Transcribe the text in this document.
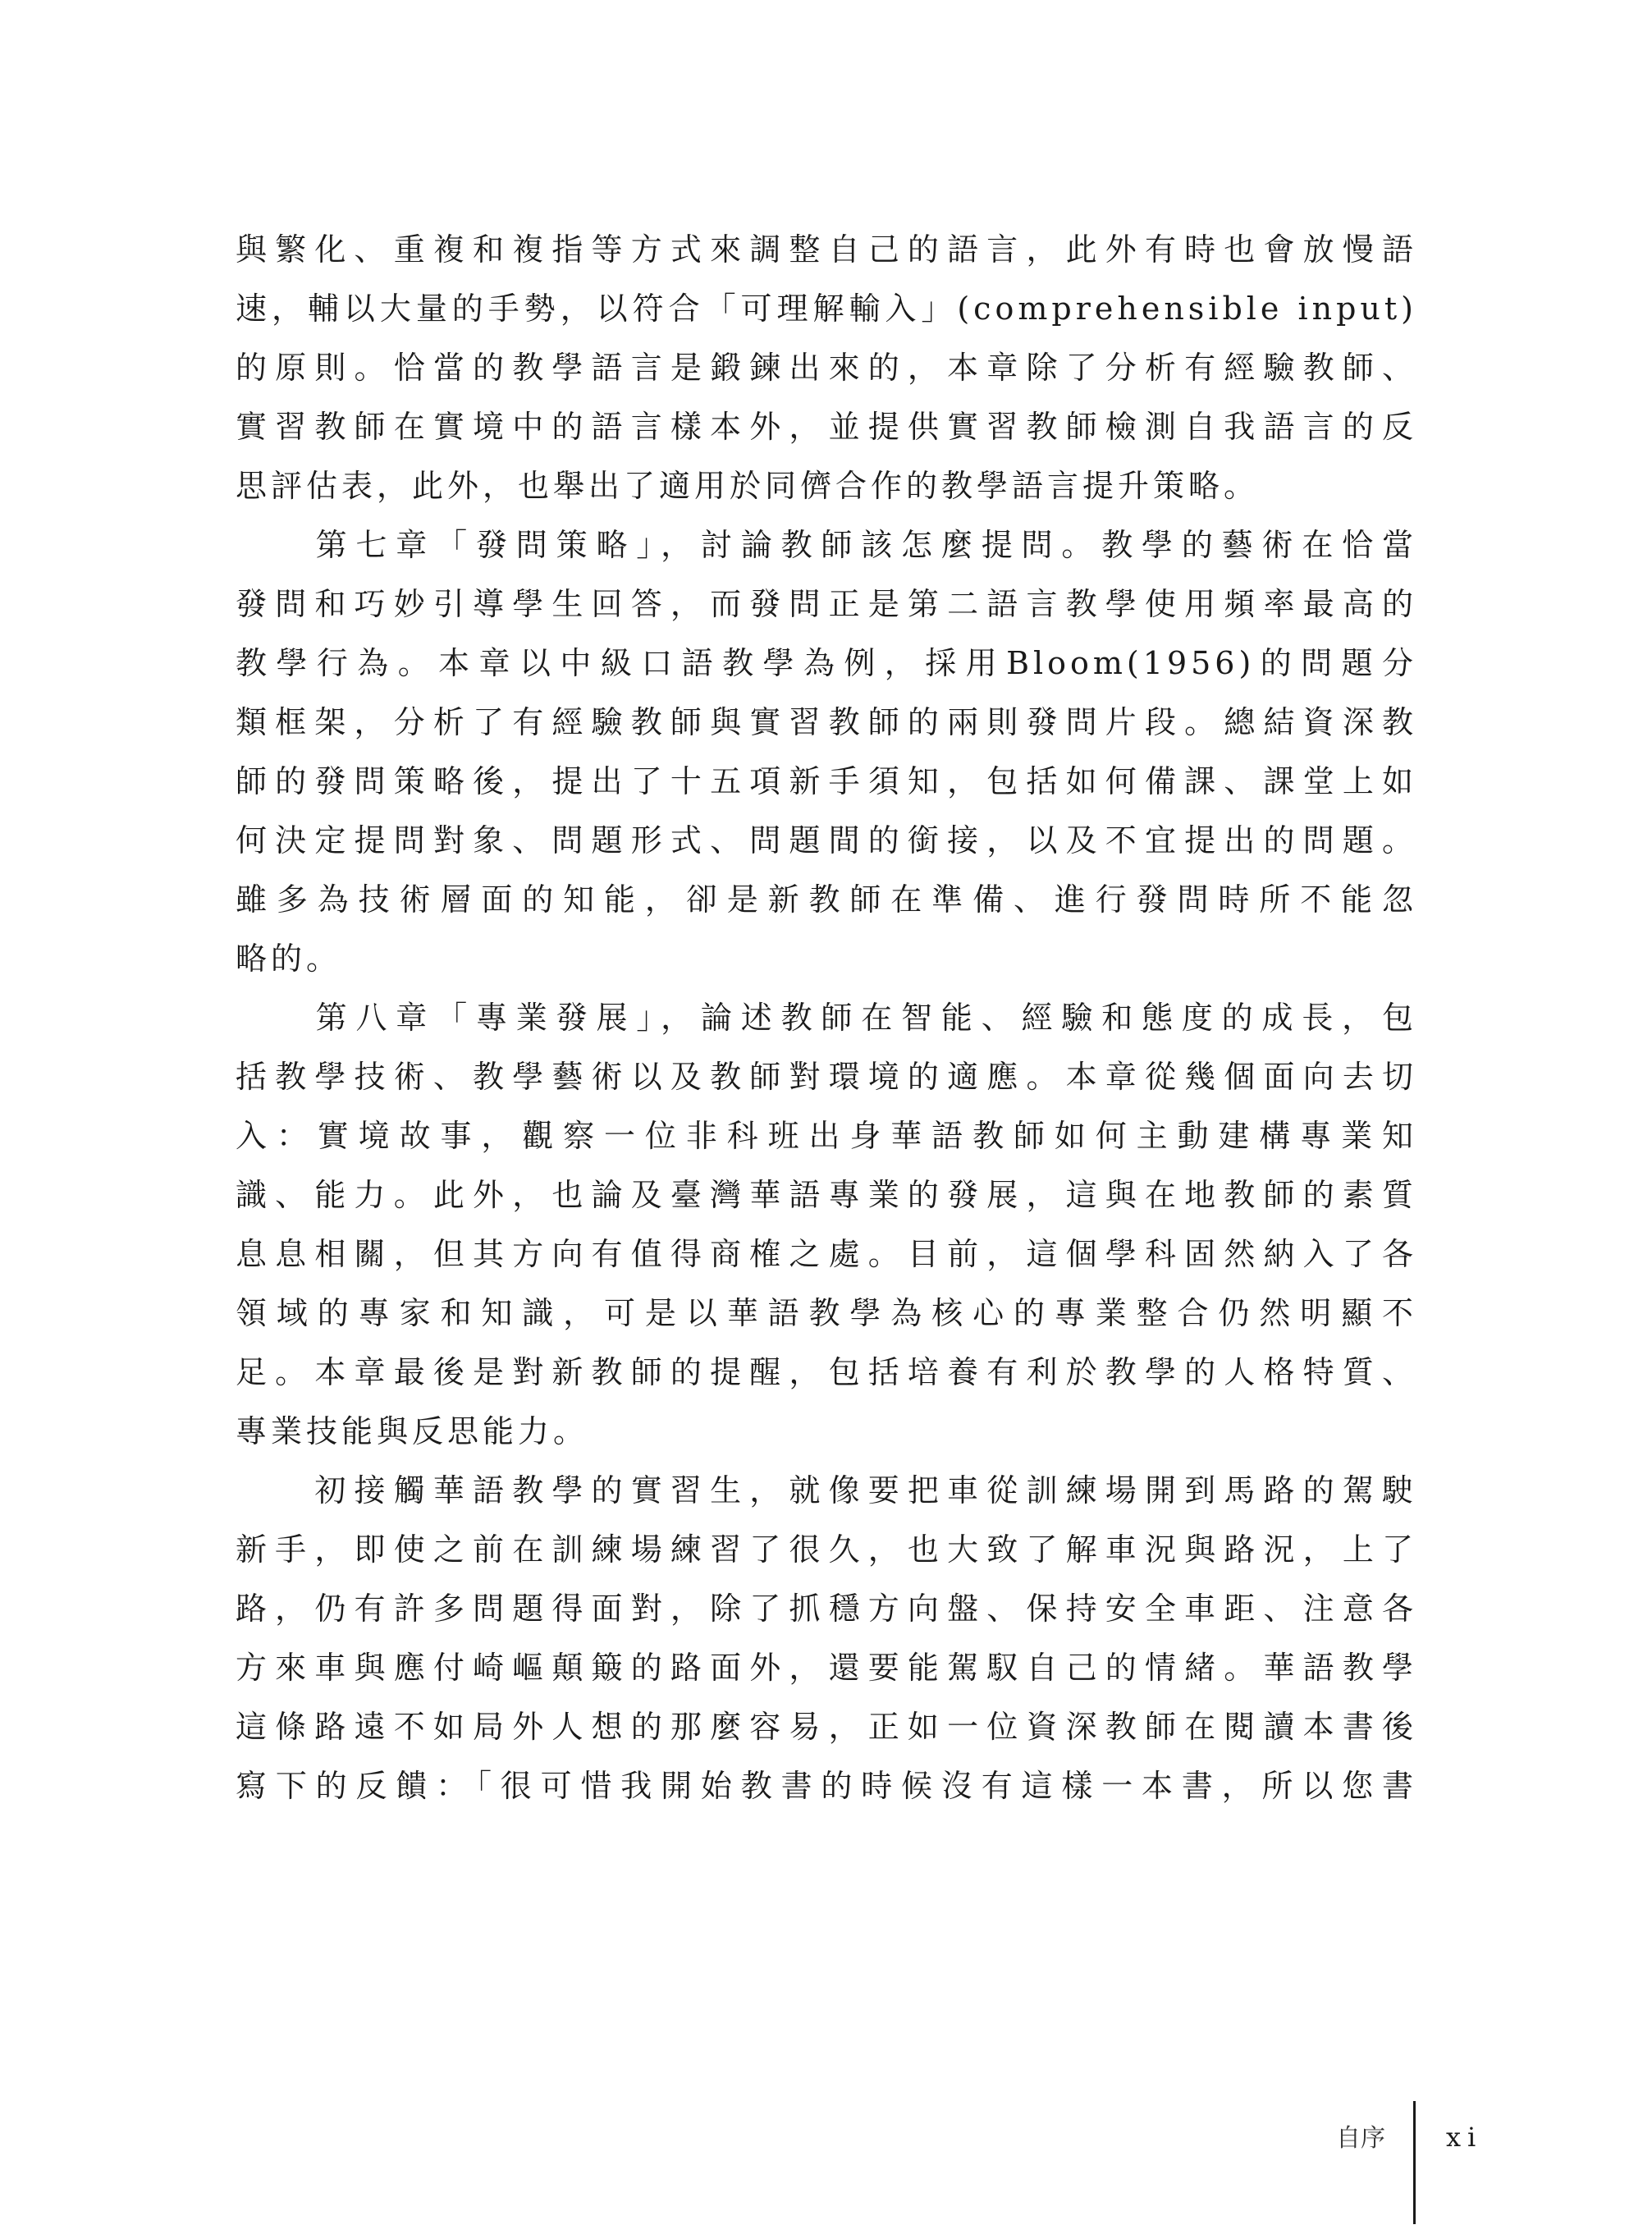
與繁化、重複和複指等方式來調整自己的語言，此外有時也會放慢語
速，輔以大量的手勢，以符合「可理解輸入」(comprehensible input)
的原則。恰當的教學語言是鍛鍊出來的，本章除了分析有經驗教師、
實習教師在實境中的語言樣本外，並提供實習教師檢測自我語言的反
思評估表，此外，也舉出了適用於同儕合作的教學語言提升策略。
　　第七章「發問策略」，討論教師該怎麼提問。教學的藝術在恰當
發問和巧妙引導學生回答，而發問正是第二語言教學使用頻率最高的
教學行為。本章以中級口語教學為例，採用Bloom(1956)的問題分
類框架，分析了有經驗教師與實習教師的兩則發問片段。總結資深教
師的發問策略後，提出了十五項新手須知，包括如何備課、課堂上如
何決定提問對象、問題形式、問題間的銜接，以及不宜提出的問題。
雖多為技術層面的知能，卻是新教師在準備、進行發問時所不能忽
略的。
　　第八章「專業發展」，論述教師在智能、經驗和態度的成長，包
括教學技術、教學藝術以及教師對環境的適應。本章從幾個面向去切
入：實境故事，觀察一位非科班出身華語教師如何主動建構專業知
識、能力。此外，也論及臺灣華語專業的發展，這與在地教師的素質
息息相關，但其方向有值得商榷之處。目前，這個學科固然納入了各
領域的專家和知識，可是以華語教學為核心的專業整合仍然明顯不
足。本章最後是對新教師的提醒，包括培養有利於教學的人格特質、
專業技能與反思能力。
　　初接觸華語教學的實習生，就像要把車從訓練場開到馬路的駕駛
新手，即使之前在訓練場練習了很久，也大致了解車況與路況，上了
路，仍有許多問題得面對，除了抓穩方向盤、保持安全車距、注意各
方來車與應付崎嶇顛簸的路面外，還要能駕馭自己的情緒。華語教學
這條路遠不如局外人想的那麼容易，正如一位資深教師在閱讀本書後
寫下的反饋：「很可惜我開始教書的時候沒有這樣一本書，所以您書
自序 xi
